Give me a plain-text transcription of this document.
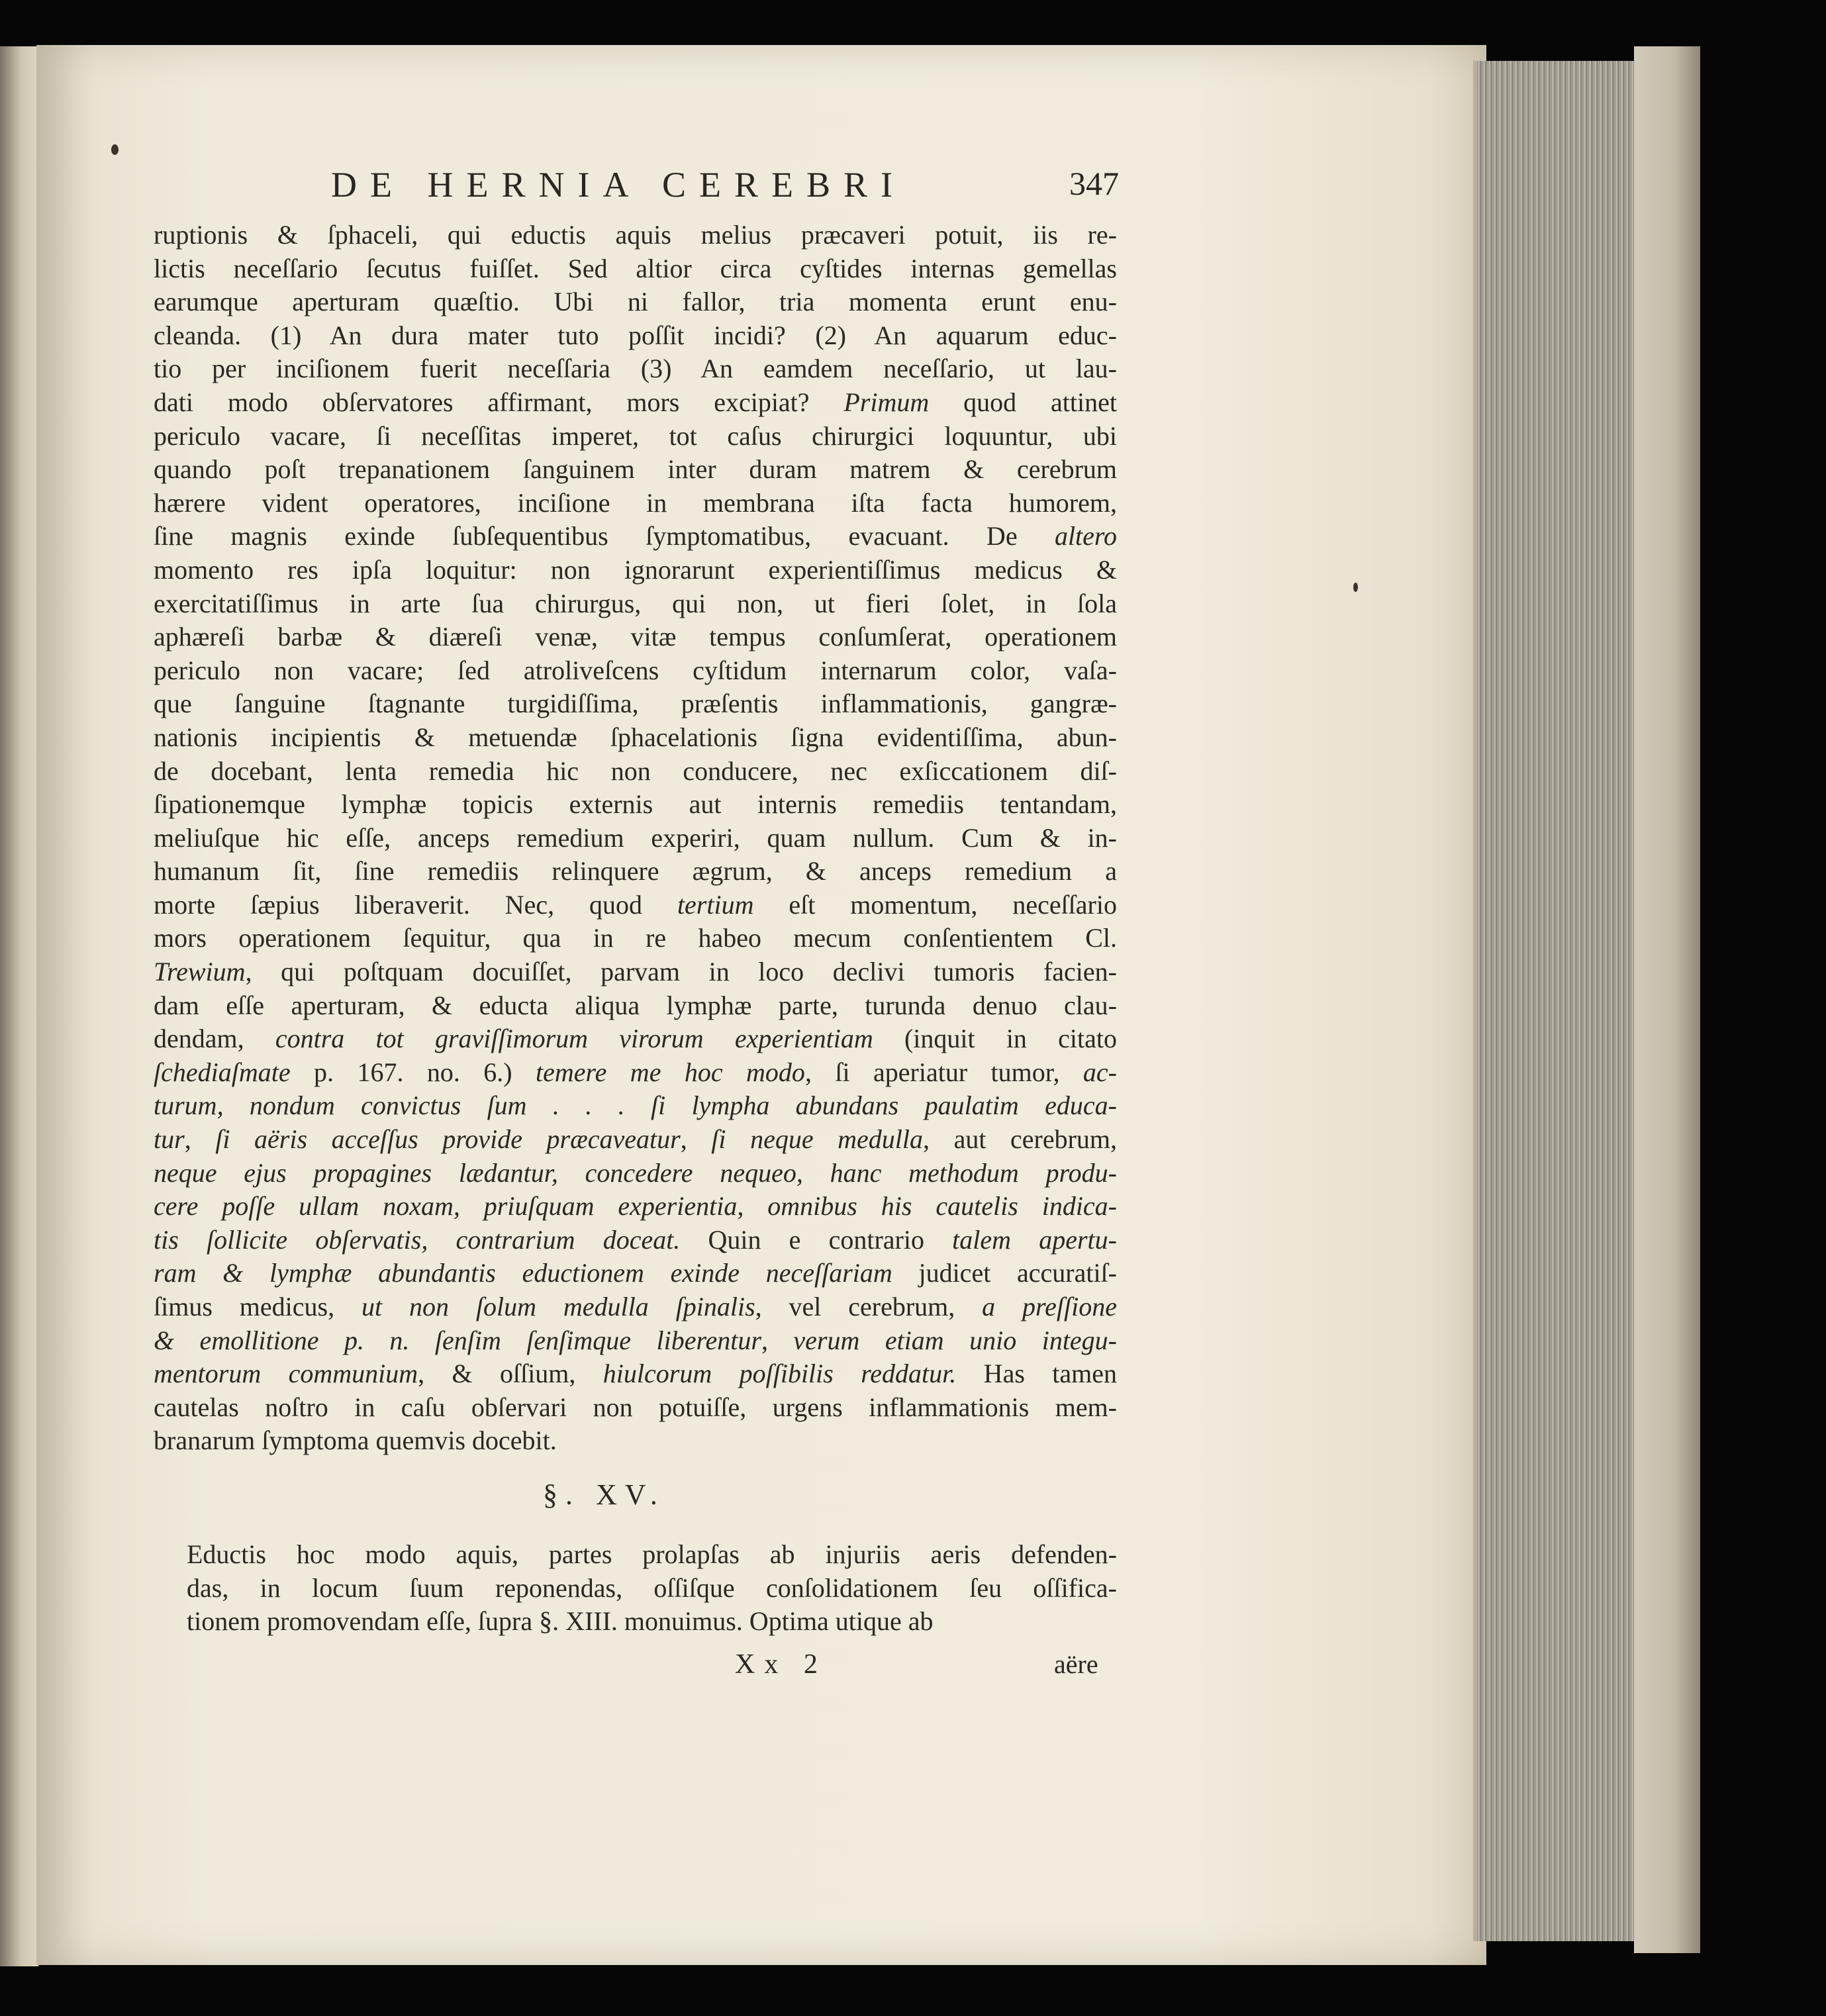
DE HERNIA CEREBRI	347
ruptionis & ſphaceli, qui eductis aquis melius præcaveri potuit, iis re-
lictis neceſſario ſecutus fuiſſet. Sed altior circa cyſtides internas gemellas
earumque aperturam quæſtio. Ubi ni fallor, tria momenta erunt enu-
cleanda. (1) An dura mater tuto poſſit incidi? (2) An aquarum educ-
tio per inciſionem fuerit neceſſaria (3) An eamdem neceſſario, ut lau-
dati modo obſervatores affirmant, mors excipiat? Primum quod attinet
periculo vacare, ſi neceſſitas imperet, tot caſus chirurgici loquuntur, ubi
quando poſt trepanationem ſanguinem inter duram matrem & cerebrum
hærere vident operatores, inciſione in membrana iſta facta humorem,
ſine magnis exinde ſubſequentibus ſymptomatibus, evacuant. De altero
momento res ipſa loquitur: non ignorarunt experientiſſimus medicus &
exercitatiſſimus in arte ſua chirurgus, qui non, ut fieri ſolet, in ſola
aphæreſi barbæ & diæreſi venæ, vitæ tempus conſumſerat, operationem
periculo non vacare; ſed atroliveſcens cyſtidum internarum color, vaſa-
que ſanguine ſtagnante turgidiſſima, præſentis inflammationis, gangræ-
nationis incipientis & metuendæ ſphacelationis ſigna evidentiſſima, abun-
de docebant, lenta remedia hic non conducere, nec exſiccationem diſ-
ſipationemque lymphæ topicis externis aut internis remediis tentandam,
meliuſque hic eſſe, anceps remedium experiri, quam nullum. Cum & in-
humanum ſit, ſine remediis relinquere ægrum, & anceps remedium a
morte ſæpius liberaverit. Nec, quod tertium eſt momentum, neceſſario
mors operationem ſequitur, qua in re habeo mecum conſentientem Cl.
Trewium, qui poſtquam docuiſſet, parvam in loco declivi tumoris facien-
dam eſſe aperturam, & educta aliqua lymphæ parte, turunda denuo clau-
dendam, contra tot graviſſimorum virorum experientiam (inquit in citato
ſchediaſmate p. 167. no. 6.) temere me hoc modo, ſi aperiatur tumor, ac-
turum, nondum convictus ſum . . . ſi lympha abundans paulatim educa-
tur, ſi aëris acceſſus provide præcaveatur, ſi neque medulla, aut cerebrum,
neque ejus propagines lædantur, concedere nequeo, hanc methodum produ-
cere poſſe ullam noxam, priuſquam experientia, omnibus his cautelis indica-
tis ſollicite obſervatis, contrarium doceat. Quin e contrario talem apertu-
ram & lymphæ abundantis eductionem exinde neceſſariam judicet accuratiſ-
ſimus medicus, ut non ſolum medulla ſpinalis, vel cerebrum, a preſſione
& emollitione p. n. ſenſim ſenſimque liberentur, verum etiam unio integu-
mentorum communium, & oſſium, hiulcorum poſſibilis reddatur. Has tamen
cautelas noſtro in caſu obſervari non potuiſſe, urgens inflammationis mem-
branarum ſymptoma quemvis docebit.
§. XV.
Eductis hoc modo aquis, partes prolapſas ab injuriis aeris defenden-
das, in locum ſuum reponendas, oſſiſque conſolidationem ſeu oſſifica-
tionem promovendam eſſe, ſupra §. XIII. monuimus. Optima utique ab
Xx 2	aëre
